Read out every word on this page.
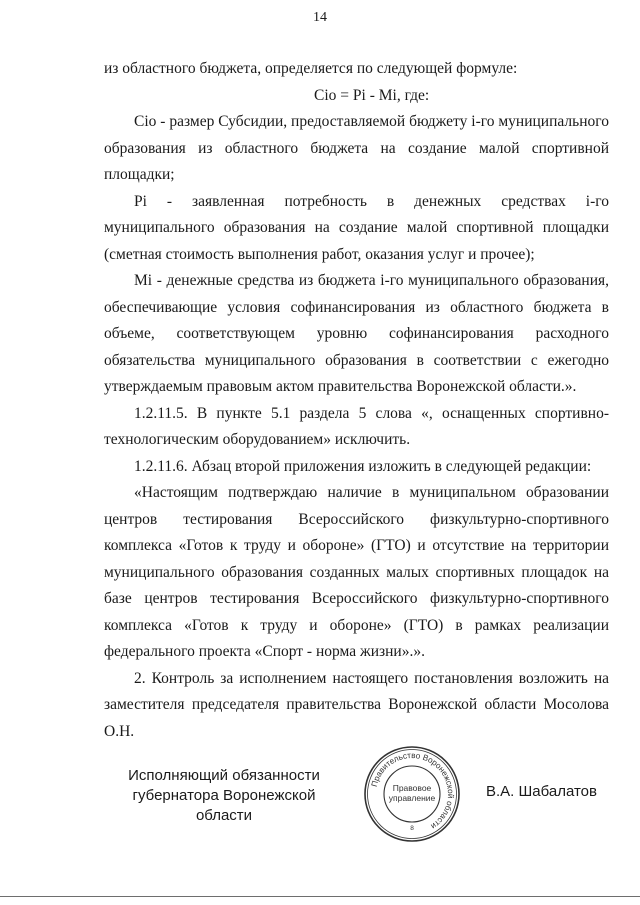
14

из областного бюджета, определяется по следующей формуле:

Cio = Pi - Mi, где:

Cio - размер Субсидии, предоставляемой бюджету i-го муниципального образования из областного бюджета на создание малой спортивной площадки;

Pi - заявленная потребность в денежных средствах i-го муниципального образования на создание малой спортивной площадки (сметная стоимость выполнения работ, оказания услуг и прочее);

Mi - денежные средства из бюджета i-го муниципального образования, обеспечивающие условия софинансирования из областного бюджета в объеме, соответствующем уровню софинансирования расходного обязательства муниципального образования в соответствии с ежегодно утверждаемым правовым актом правительства Воронежской области.».

1.2.11.5. В пункте 5.1 раздела 5 слова «, оснащенных спортивно-технологическим оборудованием» исключить.

1.2.11.6. Абзац второй приложения изложить в следующей редакции:

«Настоящим подтверждаю наличие в муниципальном образовании центров тестирования Всероссийского физкультурно-спортивного комплекса «Готов к труду и обороне» (ГТО) и отсутствие на территории муниципального образования созданных малых спортивных площадок на базе центров тестирования Всероссийского физкультурно-спортивного комплекса «Готов к труду и обороне» (ГТО) в рамках реализации федерального проекта «Спорт - норма жизни».».

2. Контроль за исполнением настоящего постановления возложить на заместителя председателя правительства Воронежской области Мосолова О.Н.

Исполняющий обязанности
губернатора Воронежской области
Правительство Воронежской области
Правовое
управление
8
В.А. Шабалатов
